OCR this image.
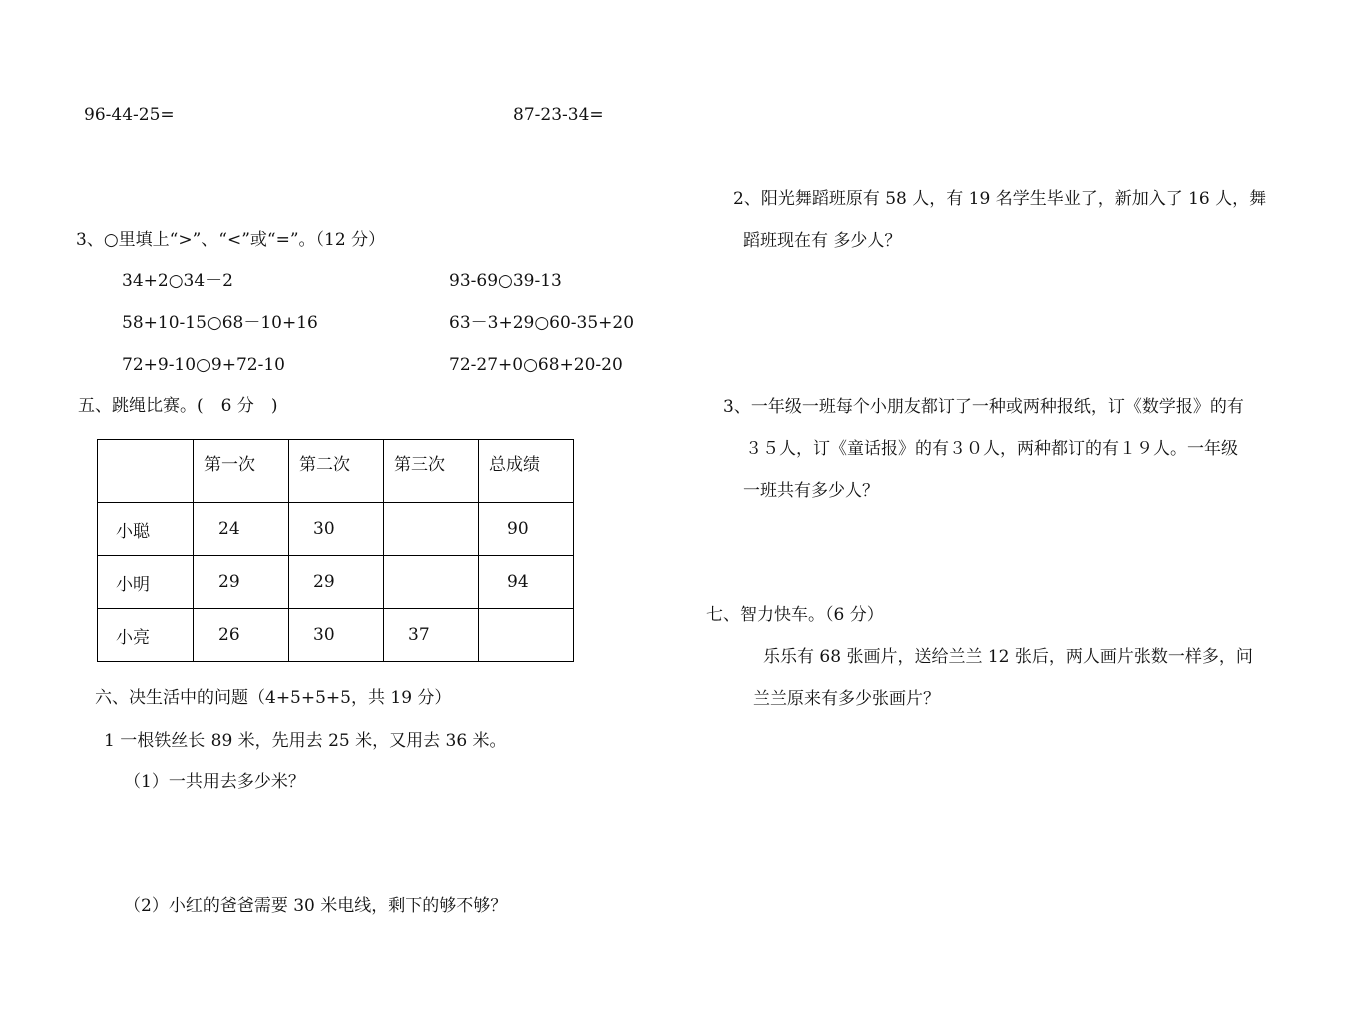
96-44-25=	87-23-34=
3、○里填上“>”、“<”或“=”。（12 分）
34+2○34－2	93-69○39-13
58+10-15○68－10+16	63－3+29○60-35+20
72+9-10○9+72-10	72-27+0○68+20-20
五、跳绳比赛。(　6 分　)
	第一次	第二次	第三次	总成绩
小聪	24	30		90
小明	29	29		94
小亮	26	30	37	
六、决生活中的问题（4+5+5+5，共 19 分）
1 一根铁丝长 89 米，先用去 25 米，又用去 36 米。
（1）一共用去多少米？
（2）小红的爸爸需要 30 米电线，剩下的够不够？
2、阳光舞蹈班原有 58 人，有 19 名学生毕业了，新加入了 16 人，舞
蹈班现在有 多少人？
3、一年级一班每个小朋友都订了一种或两种报纸，订《数学报》的有
３５人，订《童话报》的有３０人，两种都订的有１９人。一年级
一班共有多少人？
七、智力快车。（6 分）
乐乐有 68 张画片，送给兰兰 12 张后，两人画片张数一样多，问
兰兰原来有多少张画片？
